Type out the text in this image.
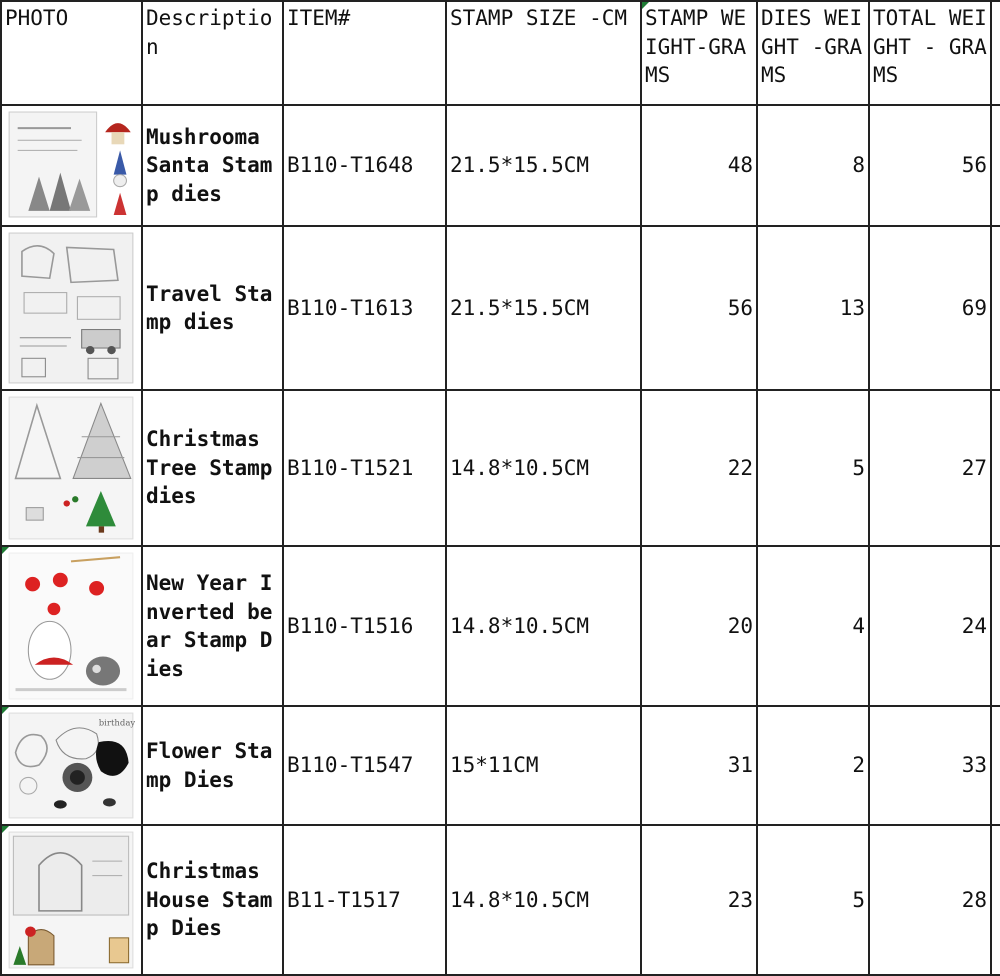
PHOTO	Description	ITEM#	STAMP SIZE -CM	STAMP WEIGHT-GRAMS	DIES WEIGHT -GRAMS	TOTAL WEIGHT - GRAMS	

	Mushrooma Santa Stamp dies	B110-T1648	21.5*15.5CM	48	8	56	

	Travel Stamp dies	B110-T1613	21.5*15.5CM	56	13	69	

	Christmas Tree Stamp dies	B110-T1521	14.8*10.5CM	22	5	27	

	New Year Inverted bear Stamp Dies	B110-T1516	14.8*10.5CM	20	4	24	

birthday	Flower Stamp Dies	B110-T1547	15*11CM	31	2	33	

	Christmas House Stamp Dies	B11-T1517	14.8*10.5CM	23	5	28	
